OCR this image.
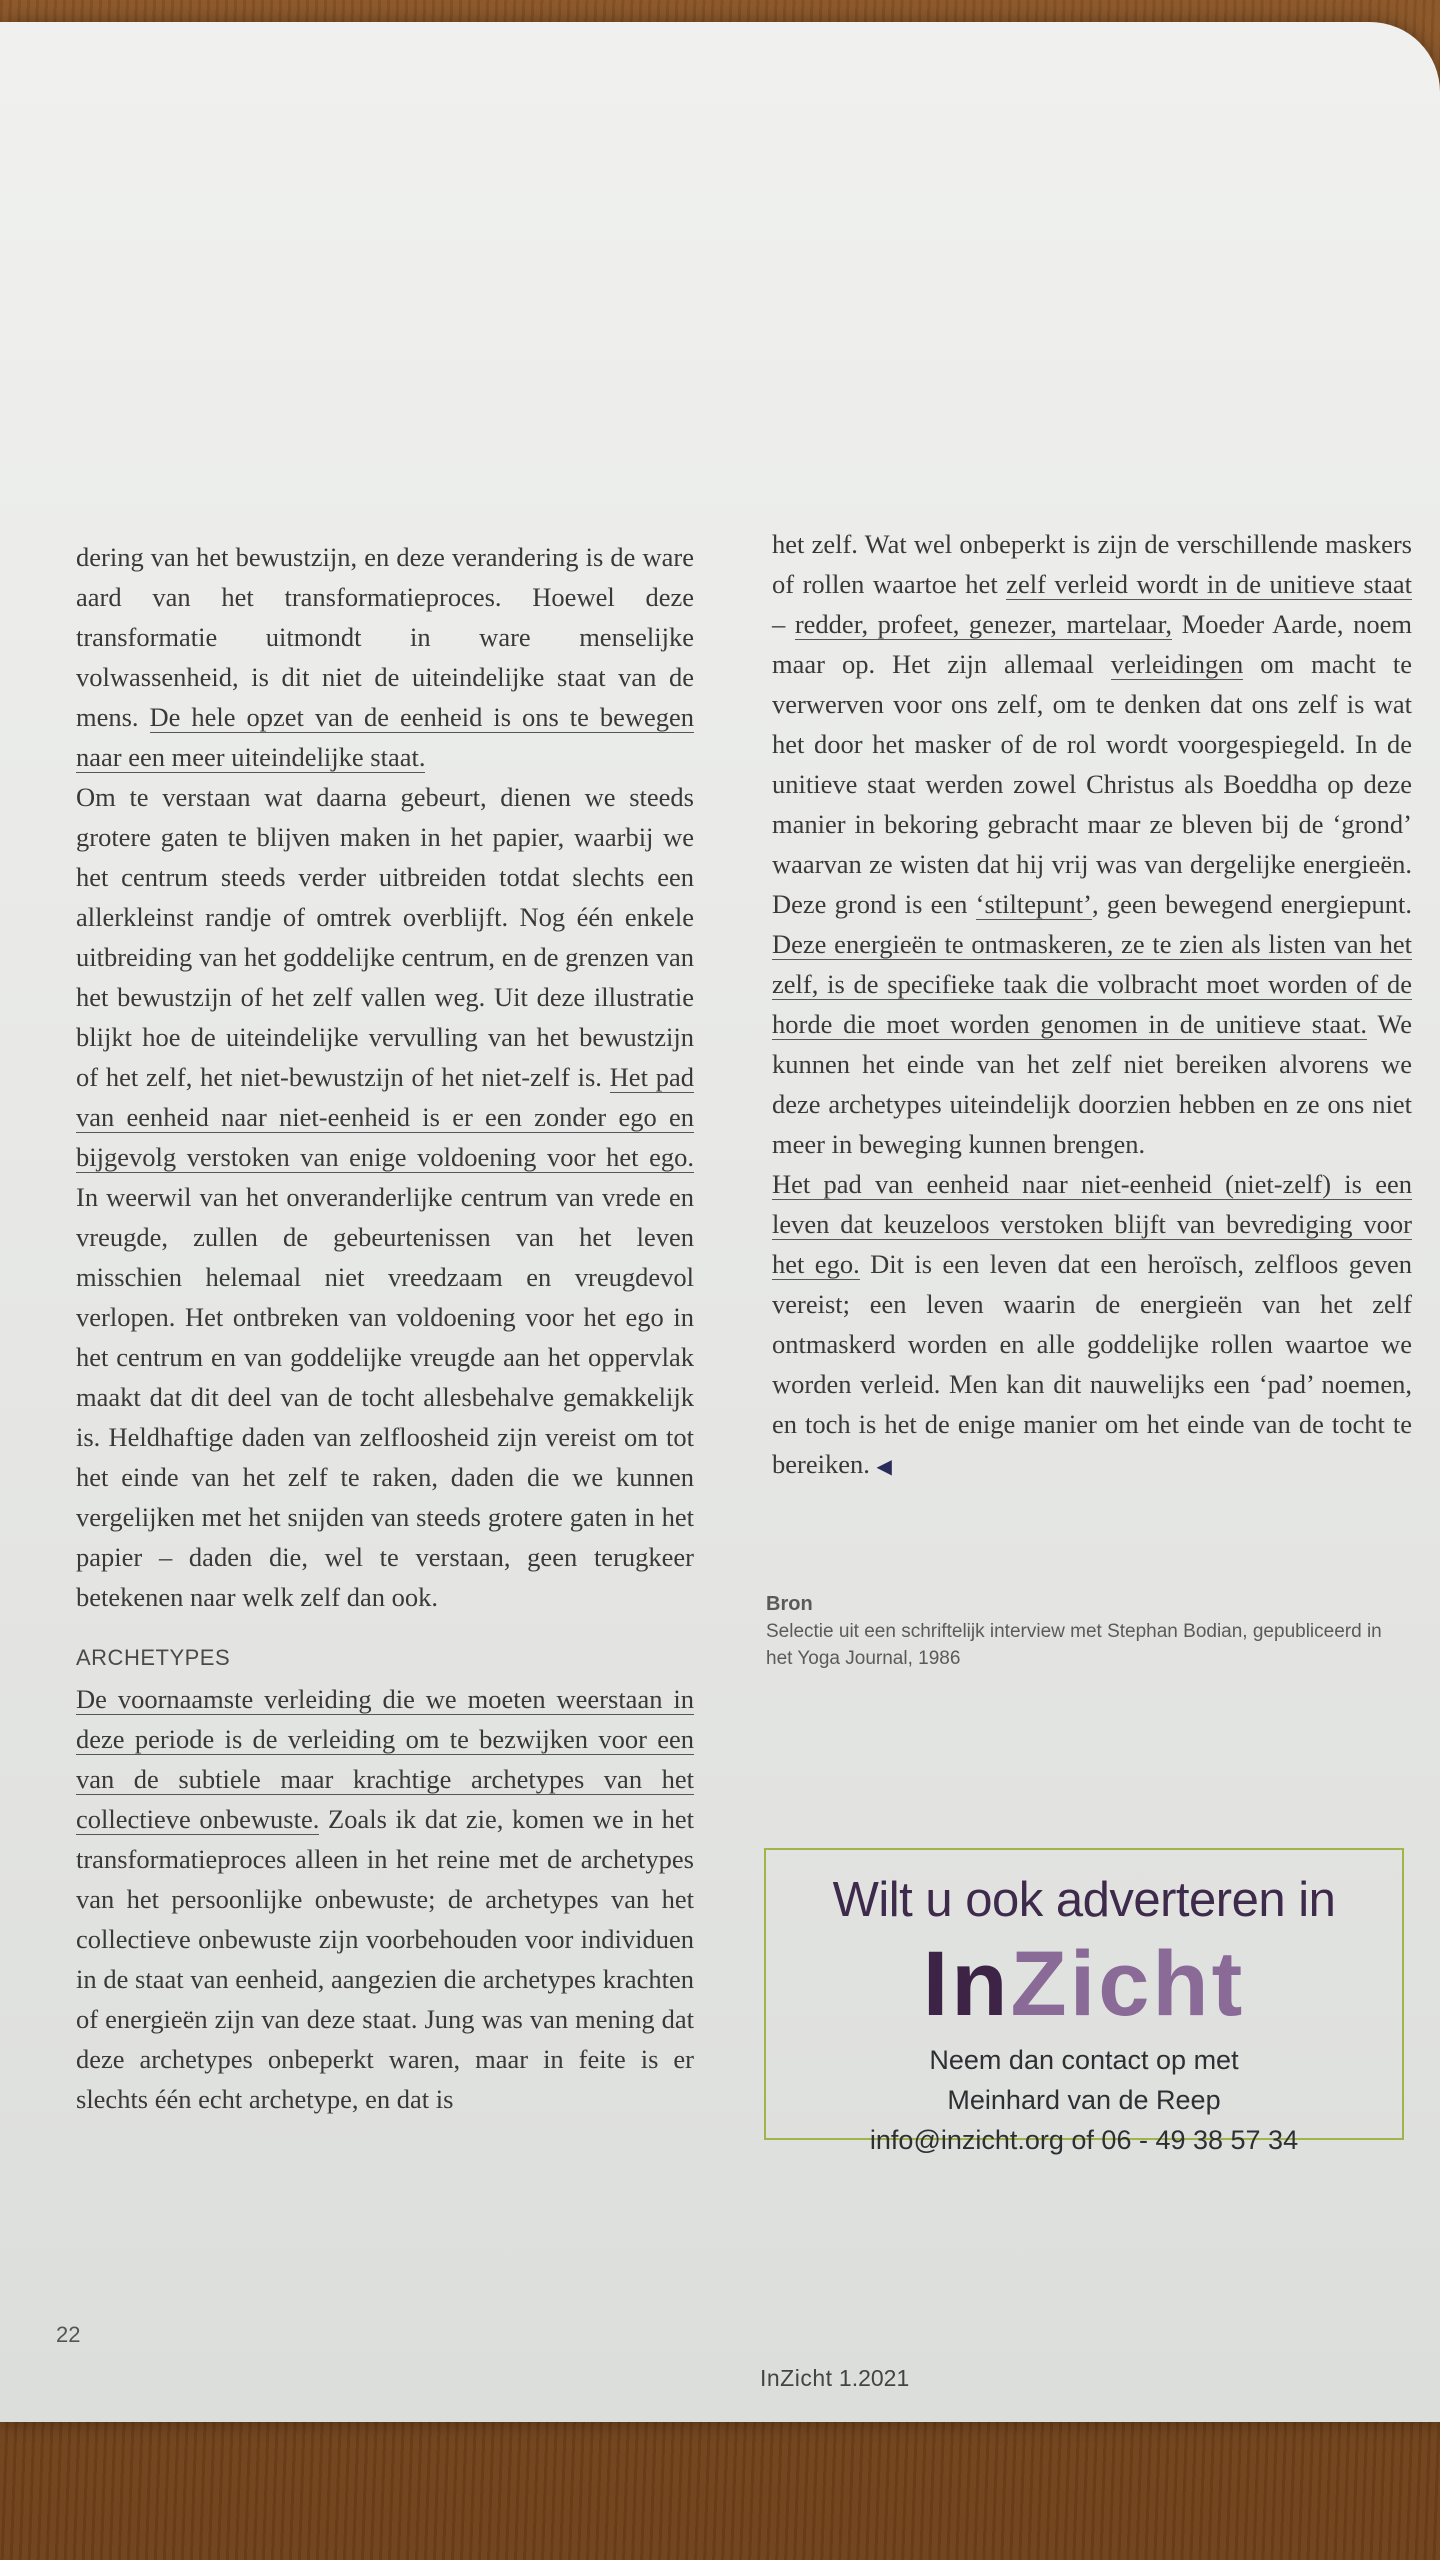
dering van het bewustzijn, en deze verandering is de ware aard van het transformatieproces. Hoewel deze transformatie uitmondt in ware menselijke volwassenheid, is dit niet de uiteindelijke staat van de mens. De hele opzet van de eenheid is ons te bewegen naar een meer uiteindelijke staat.

Om te verstaan wat daarna gebeurt, dienen we steeds grotere gaten te blijven maken in het papier, waarbij we het centrum steeds verder uitbreiden totdat slechts een allerkleinst randje of omtrek overblijft. Nog één enkele uitbreiding van het goddelijke centrum, en de grenzen van het bewustzijn of het zelf vallen weg. Uit deze illustratie blijkt hoe de uiteindelijke vervulling van het bewustzijn of het zelf, het niet-bewustzijn of het niet-zelf is. Het pad van eenheid naar niet-eenheid is er een zonder ego en bijgevolg verstoken van enige voldoening voor het ego. In weerwil van het onveranderlijke centrum van vrede en vreugde, zullen de gebeurtenissen van het leven misschien helemaal niet vreedzaam en vreugdevol verlopen. Het ontbreken van voldoening voor het ego in het centrum en van goddelijke vreugde aan het oppervlak maakt dat dit deel van de tocht allesbehalve gemakkelijk is. Heldhaftige daden van zelfloosheid zijn vereist om tot het einde van het zelf te raken, daden die we kunnen vergelijken met het snijden van steeds grotere gaten in het papier – daden die, wel te verstaan, geen terugkeer betekenen naar welk zelf dan ook.

ARCHETYPES

De voornaamste verleiding die we moeten weerstaan in deze periode is de verleiding om te bezwijken voor een van de subtiele maar krachtige archetypes van het collectieve onbewuste. Zoals ik dat zie, komen we in het transformatieproces alleen in het reine met de archetypes van het persoonlijke onbewuste; de archetypes van het collectieve onbewuste zijn voorbehouden voor individuen in de staat van eenheid, aangezien die archetypes krachten of energieën zijn van deze staat. Jung was van mening dat deze archetypes onbeperkt waren, maar in feite is er slechts één echt archetype, en dat is

het zelf. Wat wel onbeperkt is zijn de verschillende maskers of rollen waartoe het zelf verleid wordt in de unitieve staat – redder, profeet, genezer, martelaar, Moeder Aarde, noem maar op. Het zijn allemaal verleidingen om macht te verwerven voor ons zelf, om te denken dat ons zelf is wat het door het masker of de rol wordt voorgespiegeld. In de unitieve staat werden zowel Christus als Boeddha op deze manier in bekoring gebracht maar ze bleven bij de ‘grond’ waarvan ze wisten dat hij vrij was van dergelijke energieën. Deze grond is een ‘stiltepunt’, geen bewegend energiepunt. Deze energieën te ontmaskeren, ze te zien als listen van het zelf, is de specifieke taak die volbracht moet worden of de horde die moet worden genomen in de unitieve staat. We kunnen het einde van het zelf niet bereiken alvorens we deze archetypes uiteindelijk doorzien hebben en ze ons niet meer in beweging kunnen brengen.

Het pad van eenheid naar niet-eenheid (niet-zelf) is een leven dat keuzeloos verstoken blijft van bevrediging voor het ego. Dit is een leven dat een heroïsch, zelfloos geven vereist; een leven waarin de energieën van het zelf ontmaskerd worden en alle goddelijke rollen waartoe we worden verleid. Men kan dit nauwelijks een ‘pad’ noemen, en toch is het de enige manier om het einde van de tocht te bereiken. ◀

Bron
Selectie uit een schriftelijk interview met Stephan Bodian, gepubliceerd in het Yoga Journal, 1986
Wilt u ook adverteren in
InZicht
Neem dan contact op met
Meinhard van de Reep
info@inzicht.org of 06 - 49 38 57 34
22
InZicht 1.2021
